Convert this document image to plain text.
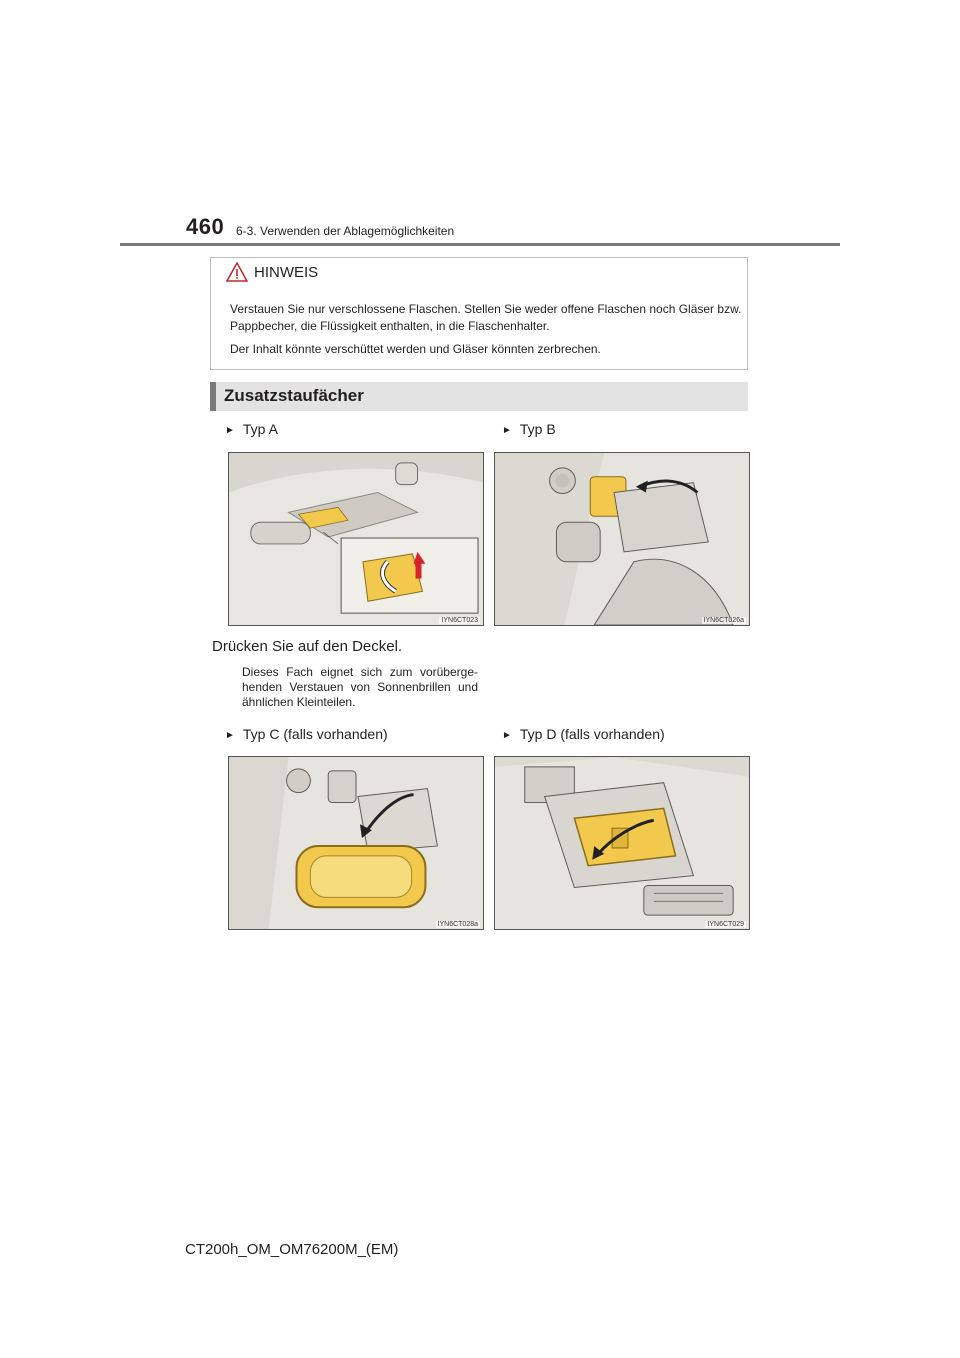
460 6-3. Verwenden der Ablagemöglichkeiten
HINWEIS

Verstauen Sie nur verschlossene Flaschen. Stellen Sie weder offene Flaschen noch Gläser bzw. Pappbecher, die Flüssigkeit enthalten, in die Flaschenhalter.

Der Inhalt könnte verschüttet werden und Gläser könnten zerbrechen.

Zusatzstaufächer
► Typ A	► Typ B
IYN6CT023	IYN6CT026a
Drücken Sie auf den Deckel.
Dieses Fach eignet sich zum vorübergehenden Verstauen von Sonnenbrillen und ähnlichen Kleinteilen.
► Typ C (falls vorhanden)	► Typ D (falls vorhanden)
IYN6CT028a	IYN6CT029
CT200h_OM_OM76200M_(EM)
